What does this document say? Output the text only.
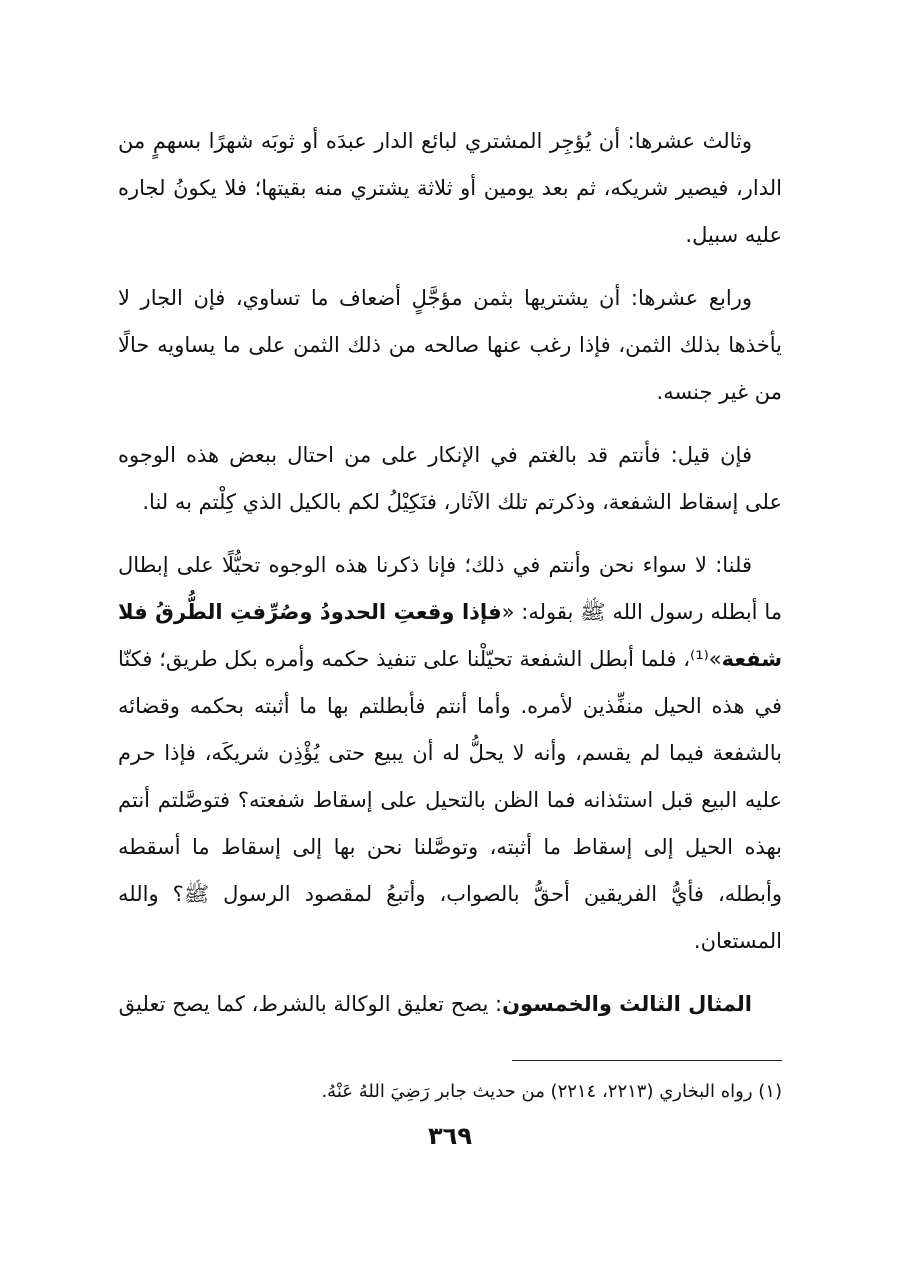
وثالث عشرها: أن يُؤجِر المشتري لبائع الدار عبدَه أو ثوبَه شهرًا بسهمٍ من الدار، فيصير شريكه، ثم بعد يومين أو ثلاثة يشتري منه بقيتها؛ فلا يكونُ لجاره عليه سبيل.

ورابع عشرها: أن يشتريها بثمن مؤجَّلٍ أضعاف ما تساوي، فإن الجار لا يأخذها بذلك الثمن، فإذا رغب عنها صالحه من ذلك الثمن على ما يساويه حالًا من غير جنسه.

فإن قيل: فأنتم قد بالغتم في الإنكار على من احتال ببعض هذه الوجوه على إسقاط الشفعة، وذكرتم تلك الآثار، فنَكِيْلُ لكم بالكيل الذي كِلْتم به لنا.

قلنا: لا سواء نحن وأنتم في ذلك؛ فإنا ذكرنا هذه الوجوه تحيُّلًا على إبطال ما أبطله رسول الله ﷺ بقوله: «فإذا وقعتِ الحدودُ وصُرِّفتِ الطُّرقُ فلا شفعة»⁽¹⁾، فلما أبطل الشفعة تحيّلْنا على تنفيذ حكمه وأمره بكل طريق؛ فكنّا في هذه الحيل منفِّذين لأمره. وأما أنتم فأبطلتم بها ما أثبته بحكمه وقضائه بالشفعة فيما لم يقسم، وأنه لا يحلُّ له أن يبيع حتى يُؤْذِن شريكَه، فإذا حرم عليه البيع قبل استئذانه فما الظن بالتحيل على إسقاط شفعته؟ فتوصَّلتم أنتم بهذه الحيل إلى إسقاط ما أثبته، وتوصَّلنا نحن بها إلى إسقاط ما أسقطه وأبطله، فأيُّ الفريقين أحقُّ بالصواب، وأتبعُ لمقصود الرسول ﷺ؟ والله المستعان.

المثال الثالث والخمسون: يصح تعليق الوكالة بالشرط، كما يصح تعليق

(١) رواه البخاري (٢٢١٣، ٢٢١٤) من حديث جابر رَضِيَ اللهُ عَنْهُ.
٣٦٩
